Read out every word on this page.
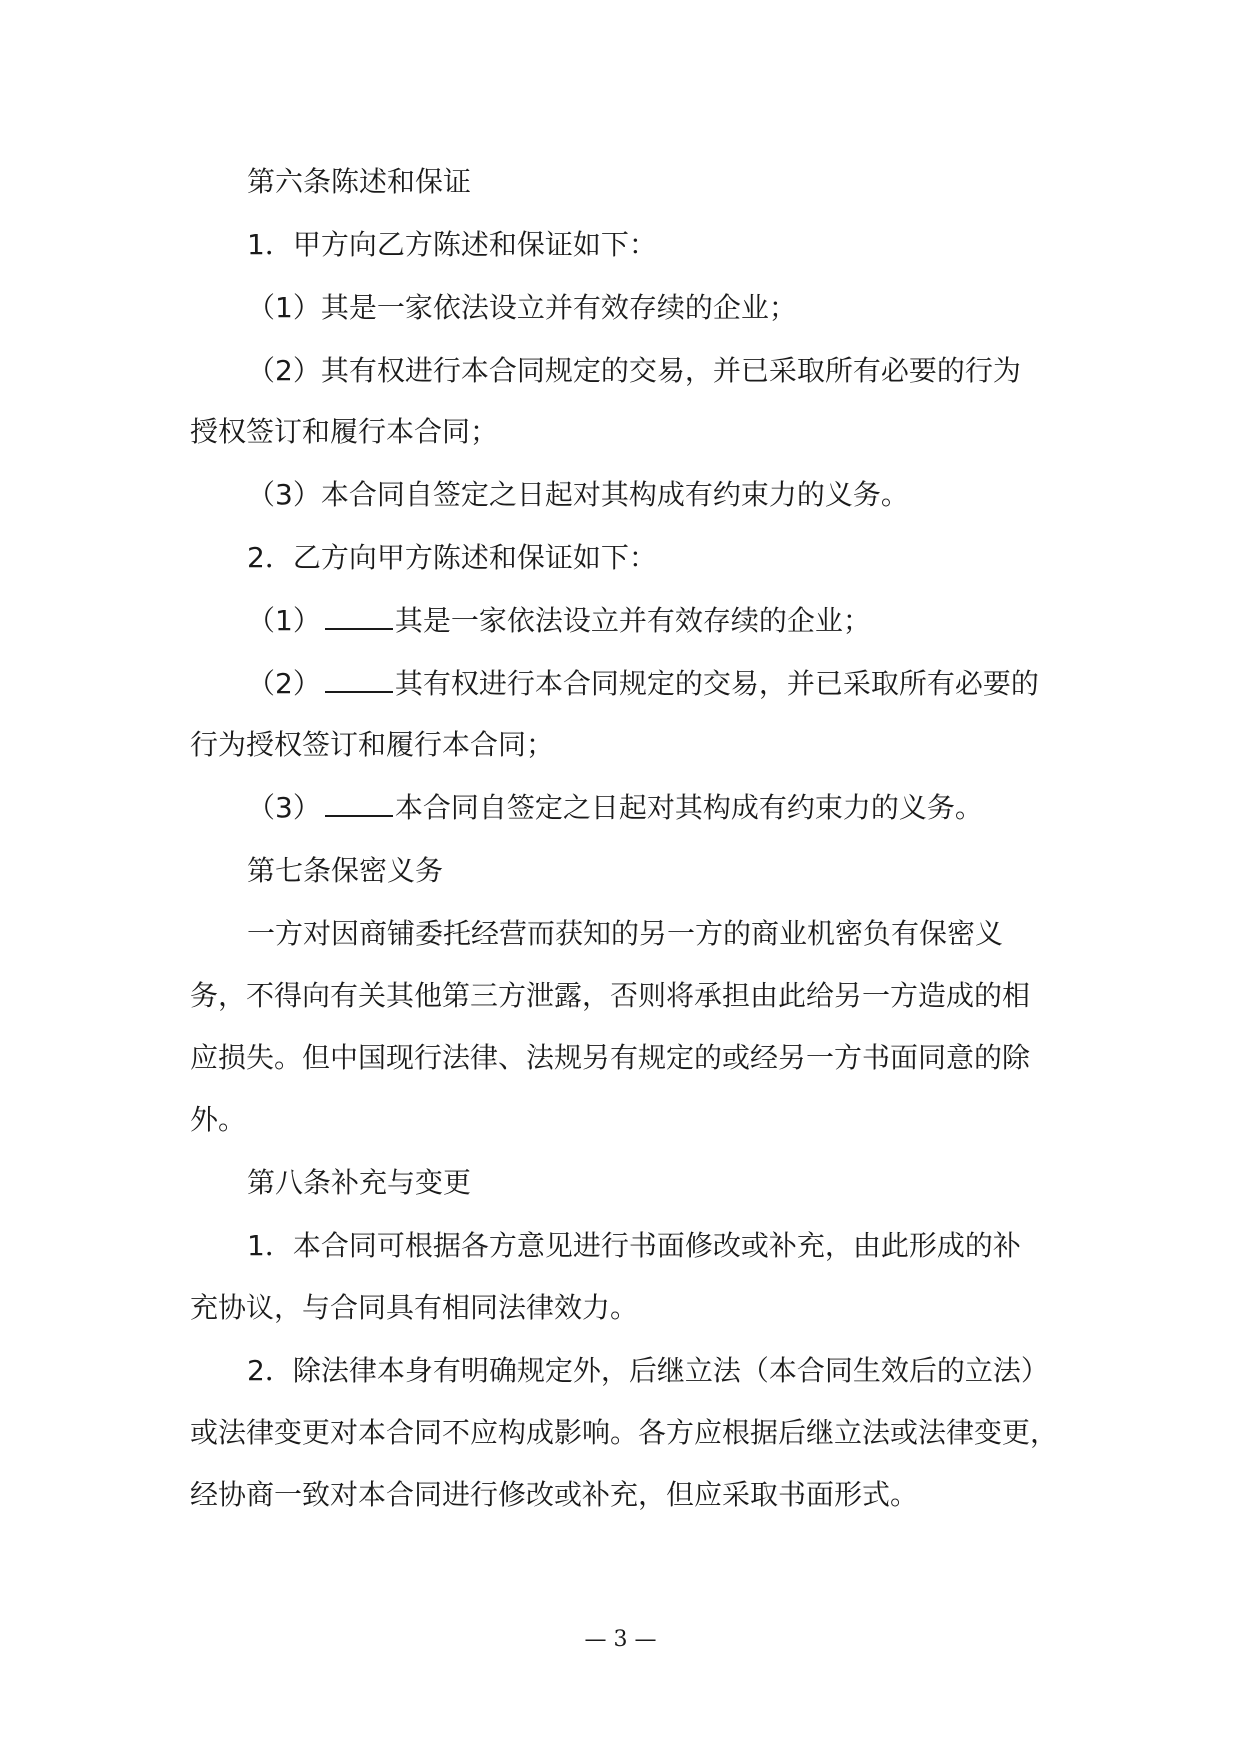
第六条陈述和保证
1．甲方向乙方陈述和保证如下：
（1）其是一家依法设立并有效存续的企业；
（2）其有权进行本合同规定的交易，并已采取所有必要的行为
授权签订和履行本合同；
（3）本合同自签定之日起对其构成有约束力的义务。
2．乙方向甲方陈述和保证如下：
（1）	其是一家依法设立并有效存续的企业；
（2）	其有权进行本合同规定的交易，并已采取所有必要的
行为授权签订和履行本合同；
（3）	本合同自签定之日起对其构成有约束力的义务。
第七条保密义务
一方对因商铺委托经营而获知的另一方的商业机密负有保密义
务，不得向有关其他第三方泄露，否则将承担由此给另一方造成的相
应损失。但中国现行法律、法规另有规定的或经另一方书面同意的除
外。
第八条补充与变更
1．本合同可根据各方意见进行书面修改或补充，由此形成的补
充协议，与合同具有相同法律效力。
2．除法律本身有明确规定外，后继立法（本合同生效后的立法）
或法律变更对本合同不应构成影响。各方应根据后继立法或法律变更，
经协商一致对本合同进行修改或补充，但应采取书面形式。
— 3 —
